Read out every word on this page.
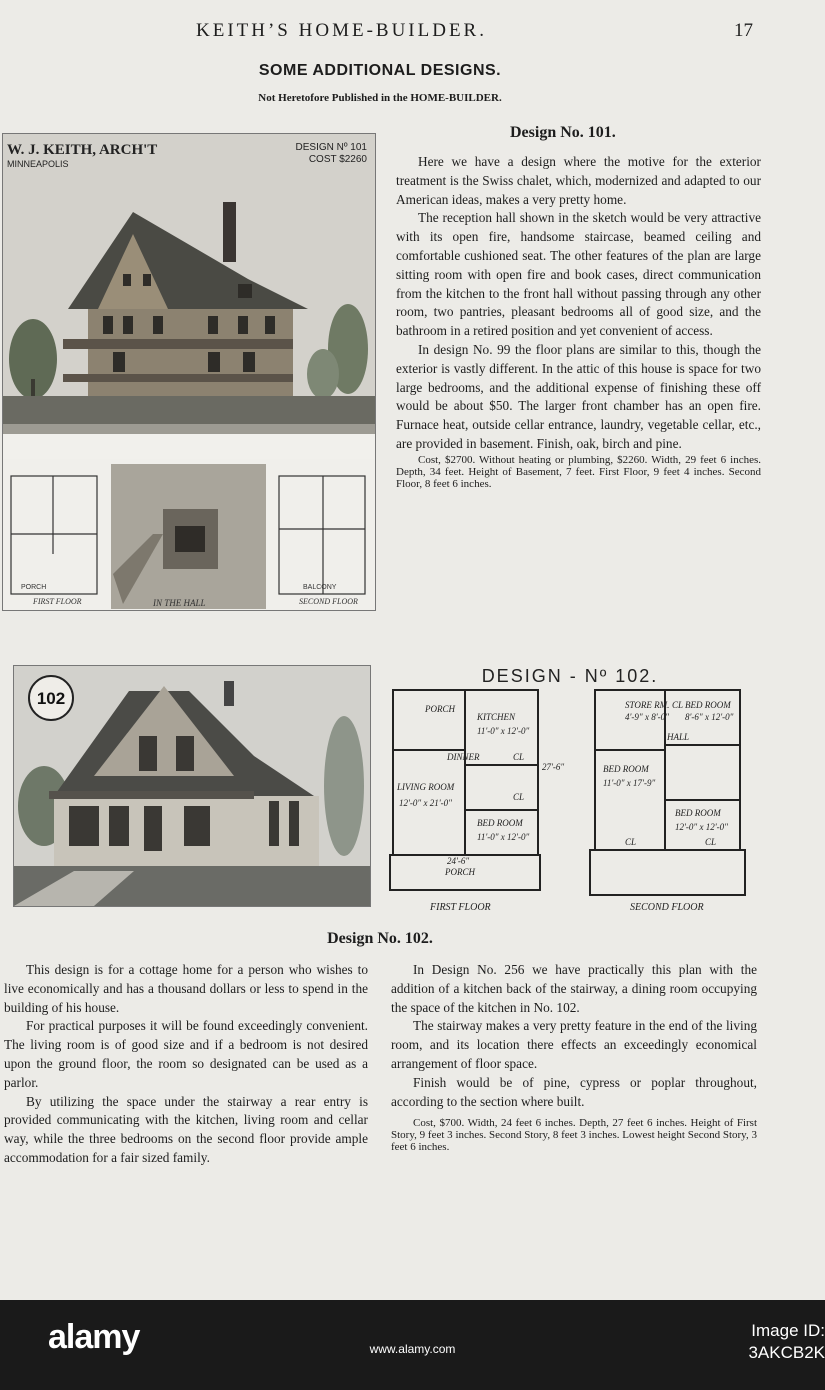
KEITH’S HOME-BUILDER.	17
SOME ADDITIONAL DESIGNS.
Not Heretofore Published in the HOME-BUILDER.
W. J. KEITH, ARCH'T
MINNEAPOLIS
DESIGN Nº 101
COST $2260
FIRST FLOOR	IN THE HALL	SECOND FLOOR
PORCH	BALCONY
Design No. 101.

Here we have a design where the motive for the exterior treatment is the Swiss chalet, which, modernized and adapted to our American ideas, makes a very pretty home.

The reception hall shown in the sketch would be very attractive with its open fire, handsome staircase, beamed ceiling and comfortable cushioned seat. The other features of the plan are large sitting room with open fire and book cases, direct communication from the kitchen to the front hall without passing through any other room, two pantries, pleasant bedrooms all of good size, and the bathroom in a retired position and yet convenient of access.

In design No. 99 the floor plans are similar to this, though the exterior is vastly different. In the attic of this house is space for two large bedrooms, and the additional expense of finishing these off would be about $50. The larger front chamber has an open fire. Furnace heat, outside cellar entrance, laundry, vegetable cellar, etc., are provided in basement. Finish, oak, birch and pine.

Cost, $2700. Without heating or plumbing, $2260. Width, 29 feet 6 inches. Depth, 34 feet. Height of Basement, 7 feet. First Floor, 9 feet 4 inches. Second Floor, 8 feet 6 inches.

102
DESIGN - Nº 102.
PORCH
KITCHEN
11'-0" x 12'-0"
LIVING ROOM
12'-0" x 21'-0"
BED ROOM
11'-0" x 12'-0"
PORCH
24'-6"
27'-6"
DINNER	CL
CL
FIRST FLOOR
STORE RM.
4'-9" x 8'-0"
BED ROOM
8'-6" x 12'-0"
HALL
BED ROOM
11'-0" x 17'-9"
BED ROOM
12'-0" x 12'-0"
CL	CL
CL
SECOND FLOOR
Design No. 102.

This design is for a cottage home for a person who wishes to live economically and has a thousand dollars or less to spend in the building of his house.

For practical purposes it will be found exceedingly convenient. The living room is of good size and if a bedroom is not desired upon the ground floor, the room so designated can be used as a parlor.

By utilizing the space under the stairway a rear entry is provided communicating with the kitchen, living room and cellar way, while the three bedrooms on the second floor provide ample accommodation for a fair sized family.

In Design No. 256 we have practically this plan with the addition of a kitchen back of the stairway, a dining room occupying the space of the kitchen in No. 102.

The stairway makes a very pretty feature in the end of the living room, and its location there effects an exceedingly economical arrangement of floor space.

Finish would be of pine, cypress or poplar throughout, according to the section where built.

Cost, $700. Width, 24 feet 6 inches. Depth, 27 feet 6 inches. Height of First Story, 9 feet 3 inches. Second Story, 8 feet 3 inches. Lowest height Second Story, 3 feet 6 inches.

alamy	www.alamy.com
Image ID: 3AKCB2K
